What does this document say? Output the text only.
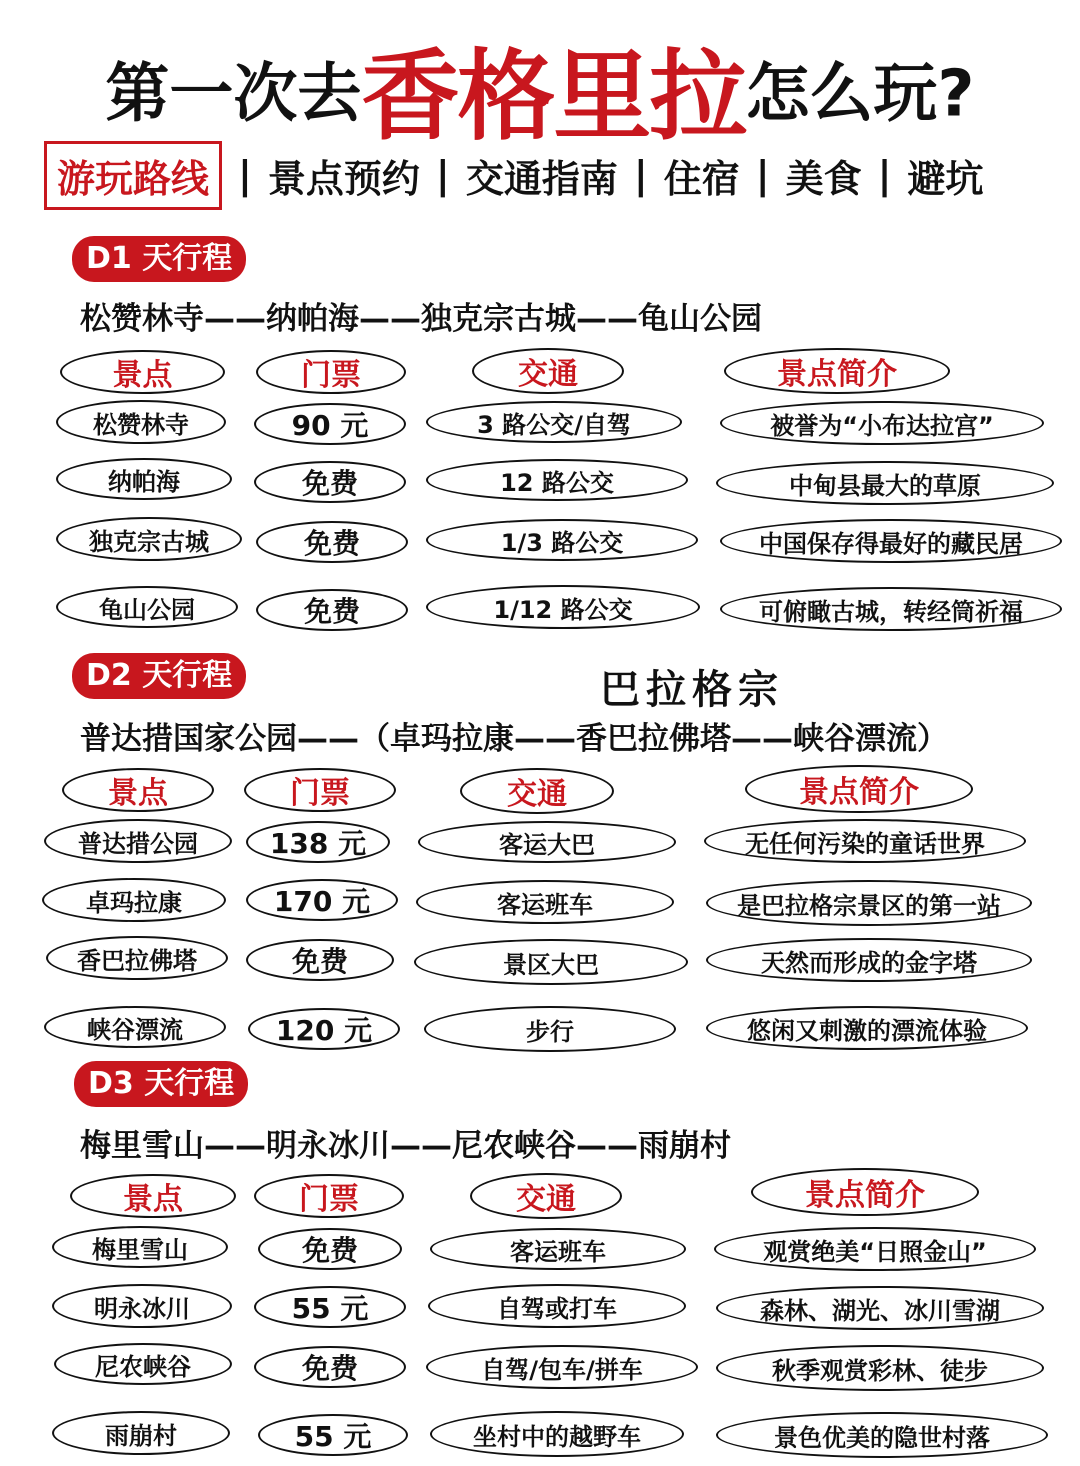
第一次去香格里拉怎么玩?
游玩路线 | 景点预约 | 交通指南 | 住宿 | 美食 | 避坑
D1 天行程
松赞林寺——纳帕海——独克宗古城——龟山公园
景点	门票	交通	景点简介
松赞林寺	90 元	3 路公交/自驾	被誉为“小布达拉宫”
纳帕海	免费	12 路公交	中甸县最大的草原
独克宗古城	免费	1/3 路公交	中国保存得最好的藏民居
龟山公园	免费	1/12 路公交	可俯瞰古城，转经筒祈福
D2 天行程	巴拉格宗
普达措国家公园——（卓玛拉康——香巴拉佛塔——峡谷漂流）
景点	门票	交通	景点简介
普达措公园	138 元	客运大巴	无任何污染的童话世界
卓玛拉康	170 元	客运班车	是巴拉格宗景区的第一站
香巴拉佛塔	免费	景区大巴	天然而形成的金字塔
峡谷漂流	120 元	步行	悠闲又刺激的漂流体验
D3 天行程
梅里雪山——明永冰川——尼农峡谷——雨崩村
景点	门票	交通	景点简介
梅里雪山	免费	客运班车	观赏绝美“日照金山”
明永冰川	55 元	自驾或打车	森林、湖光、冰川雪湖
尼农峡谷	免费	自驾/包车/拼车	秋季观赏彩林、徒步
雨崩村	55 元	坐村中的越野车	景色优美的隐世村落
